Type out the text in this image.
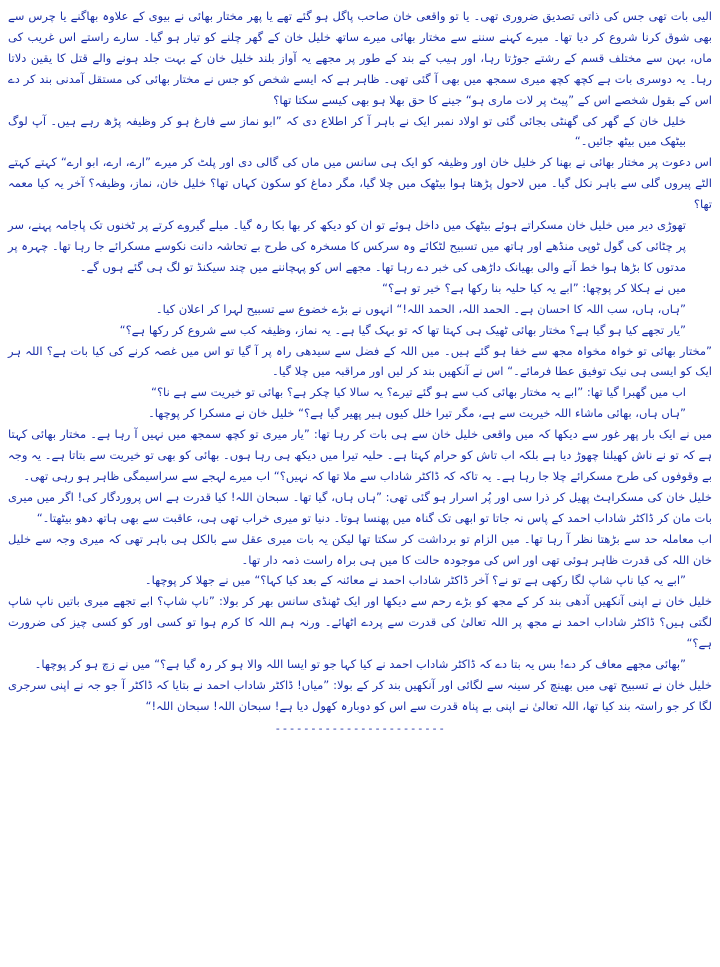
الیی بات تھی جس کی ذاتی تصدیق ضروری تھی۔ یا تو واقعی خان صاحب پاگل ہو گئے تھے یا پھر مختار بھائی نے بیوی کے علاوہ بھاگنے یا چرس سے بھی شوق کرنا شروع کر دیا تھا۔ میرے کہنے سننے سے مختار بھائی میرے ساتھ خلیل خان کے گھر چلنے کو تیار ہو گیا۔ سارے راستے اس غریب کی ماں، بہن سے مختلف قسم کے رشتے جوڑتا رہا، اور ہیب کے بند کے طور پر مجھے یہ آواز بلند خلیل خان کے بہت جلد ہونے والے قتل کا یقین دلاتا رہا۔ یہ دوسری بات ہے کچھ کچھ میری سمجھ میں بھی آ گئی تھی۔ ظاہر ہے کہ ایسے شخص کو جس نے مختار بھائی کی مستقل آمدنی بند کر دے اس کے بقول شخصے اس کے ”پیٹ پر لات ماری ہو“ جینے کا حق بھلا ہو بھی کیسے سکتا تھا؟

خلیل خان کے گھر کی گھنٹی بجائی گئی تو اولاد نمبر ایک نے باہر آ کر اطلاع دی کہ ”ابو نماز سے فارغ ہو کر وظیفہ پڑھ رہے ہیں۔ آپ لوگ بیٹھک میں بیٹھ جائیں۔“

اس دعوت پر مختار بھائی نے بھنا کر خلیل خان اور وظیفہ کو ایک ہی سانس میں ماں کی گالی دی اور پلٹ کر میرے ”ارے، ارے، ابو ارے“ کہتے کہتے الٹے پیروں گلی سے باہر نکل گیا۔ میں لاحول پڑھتا ہوا بیٹھک میں چلا گیا، مگر دماغ کو سکون کہاں تھا؟ خلیل خان، نماز، وظیفہ؟ آخر یہ کیا معمہ تھا؟

تھوڑی دیر میں خلیل خان مسکراتے ہوئے بیٹھک میں داخل ہوئے تو ان کو دیکھ کر بھا بکا رہ گیا۔ میلے گیروے کرتے پر ٹخنوں تک پاجامہ پہنے، سر پر چٹائی کی گول ٹوپی منڈھے اور ہاتھ میں تسبیح لٹکائے وہ سرکس کا مسخرہ کی طرح بے تحاشہ دانت نکوسے مسکرائے جا رہا تھا۔ چہرہ پر مدتوں کا بڑھا ہوا خط آنے والی بھیانک داڑھی کی خبر دے رہا تھا۔ مجھے اس کو پہچاننے میں چند سیکنڈ تو لگ ہی گئے ہوں گے۔

میں نے ہکلا کر پوچھا: ”ابے یہ کیا حلیہ بنا رکھا ہے؟ خیر تو ہے؟“

”ہاں، ہاں، سب اللہ کا احسان ہے۔ الحمد اللہ، الحمد اللہ!“ انہوں نے بڑے خضوع سے تسبیح لہرا کر اعلان کیا۔

”یار تجھے کیا ہو گیا ہے؟ مختار بھائی ٹھیک ہی کہتا تھا کہ تو بہک گیا ہے۔ یہ نماز، وظیفہ کب سے شروع کر رکھا ہے؟“

”مختار بھائی تو خواہ مخواہ مجھ سے خفا ہو گئے ہیں۔ میں اللہ کے فضل سے سیدھی راہ پر آ گیا تو اس میں غصہ کرنے کی کیا بات ہے؟ اللہ ہر ایک کو ایسی ہی نیک توفیق عطا فرمائے۔“ اس نے آنکھیں بند کر لیں اور مراقبہ میں چلا گیا۔

اب میں گھبرا گیا تھا: ”ابے یہ مختار بھائی کب سے ہو گئے تیرے؟ یہ سالا کیا چکر ہے؟ بھائی تو خیریت سے ہے نا؟“

”ہاں ہاں، بھائی ماشاء اللہ خیریت سے ہے، مگر تیرا خلل کیوں ہیر پھیر گیا ہے؟“ خلیل خان نے مسکرا کر پوچھا۔

میں نے ایک بار پھر غور سے دیکھا کہ میں واقعی خلیل خان سے ہی بات کر رہا تھا: ”یار میری تو کچھ سمجھ میں نہیں آ رہا ہے۔ مختار بھائی کہتا ہے کہ تو نے ناش کھیلنا چھوڑ دیا ہے بلکہ اب تاش کو حرام کہتا ہے۔ حلیہ تیرا میں دیکھ ہی رہا ہوں۔ بھائی کو بھی تو خیریت سے بتاتا ہے۔ یہ وجہ بے وقوفوں کی طرح مسکرائے چلا جا رہا ہے۔ یہ تاکہ کہ ڈاکٹر شاداب سے ملا تھا کہ نہیں؟“ اب میرے لہجے سے سراسیمگی ظاہر ہو رہی تھی۔

خلیل خان کی مسکراہٹ پھیل کر ذرا سی اور پُر اسرار ہو گئی تھی: ”ہاں ہاں، گیا تھا۔ سبحان اللہ! کیا قدرت ہے اس پروردگار کی! اگر میں میری بات مان کر ڈاکٹر شاداب احمد کے پاس نہ جاتا تو ابھی تک گناہ میں پھنسا ہوتا۔ دنیا تو میری خراب تھی ہی، عاقبت سے بھی ہاتھ دھو بیٹھتا۔“

اب معاملہ حد سے بڑھتا نظر آ رہا تھا۔ میں الزام تو برداشت کر سکتا تھا لیکن یہ بات میری عقل سے بالکل ہی باہر تھی کہ میری وجہ سے خلیل خان اللہ کی قدرت ظاہر ہوئی تھی اور اس کی موجودہ حالت کا میں ہی براہ راست ذمہ دار تھا۔

”ابے یہ کیا ناپ شاپ لگا رکھی ہے تو نے؟ آخر ڈاکٹر شاداب احمد نے معائنہ کے بعد کیا کہا؟“ میں نے جھلا کر پوچھا۔

خلیل خان نے اپنی آنکھیں آدھی بند کر کے مجھ کو بڑے رحم سے دیکھا اور ایک ٹھنڈی سانس بھر کر بولا: ”ناپ شاپ؟ ابے تجھے میری باتیں ناپ شاپ لگتی ہیں؟ ڈاکٹر شاداب احمد نے مجھ پر اللہ تعالیٰ کی قدرت سے پردے اٹھائے۔ ورنہ ہم اللہ کا کرم ہوا تو کسی اور کو کسی چیز کی ضرورت ہے؟“

”بھائی مجھے معاف کر دے! بس یہ بتا دے کہ ڈاکٹر شاداب احمد نے کیا کہا جو تو ایسا اللہ والا ہو کر رہ گیا ہے؟“ میں نے زچ ہو کر پوچھا۔

خلیل خان نے تسبیح تھی میں بھینچ کر سینہ سے لگائی اور آنکھیں بند کر کے بولا: ”میاں! ڈاکٹر شاداب احمد نے بتایا کہ ڈاکٹر آ جو جہ نے اپنی سرجری لگا کر جو راستہ بند کیا تھا، اللہ تعالیٰ نے اپنی بے پناہ قدرت سے اس کو دوبارہ کھول دیا ہے! سبحان اللہ! سبحان اللہ!“

------------------------
